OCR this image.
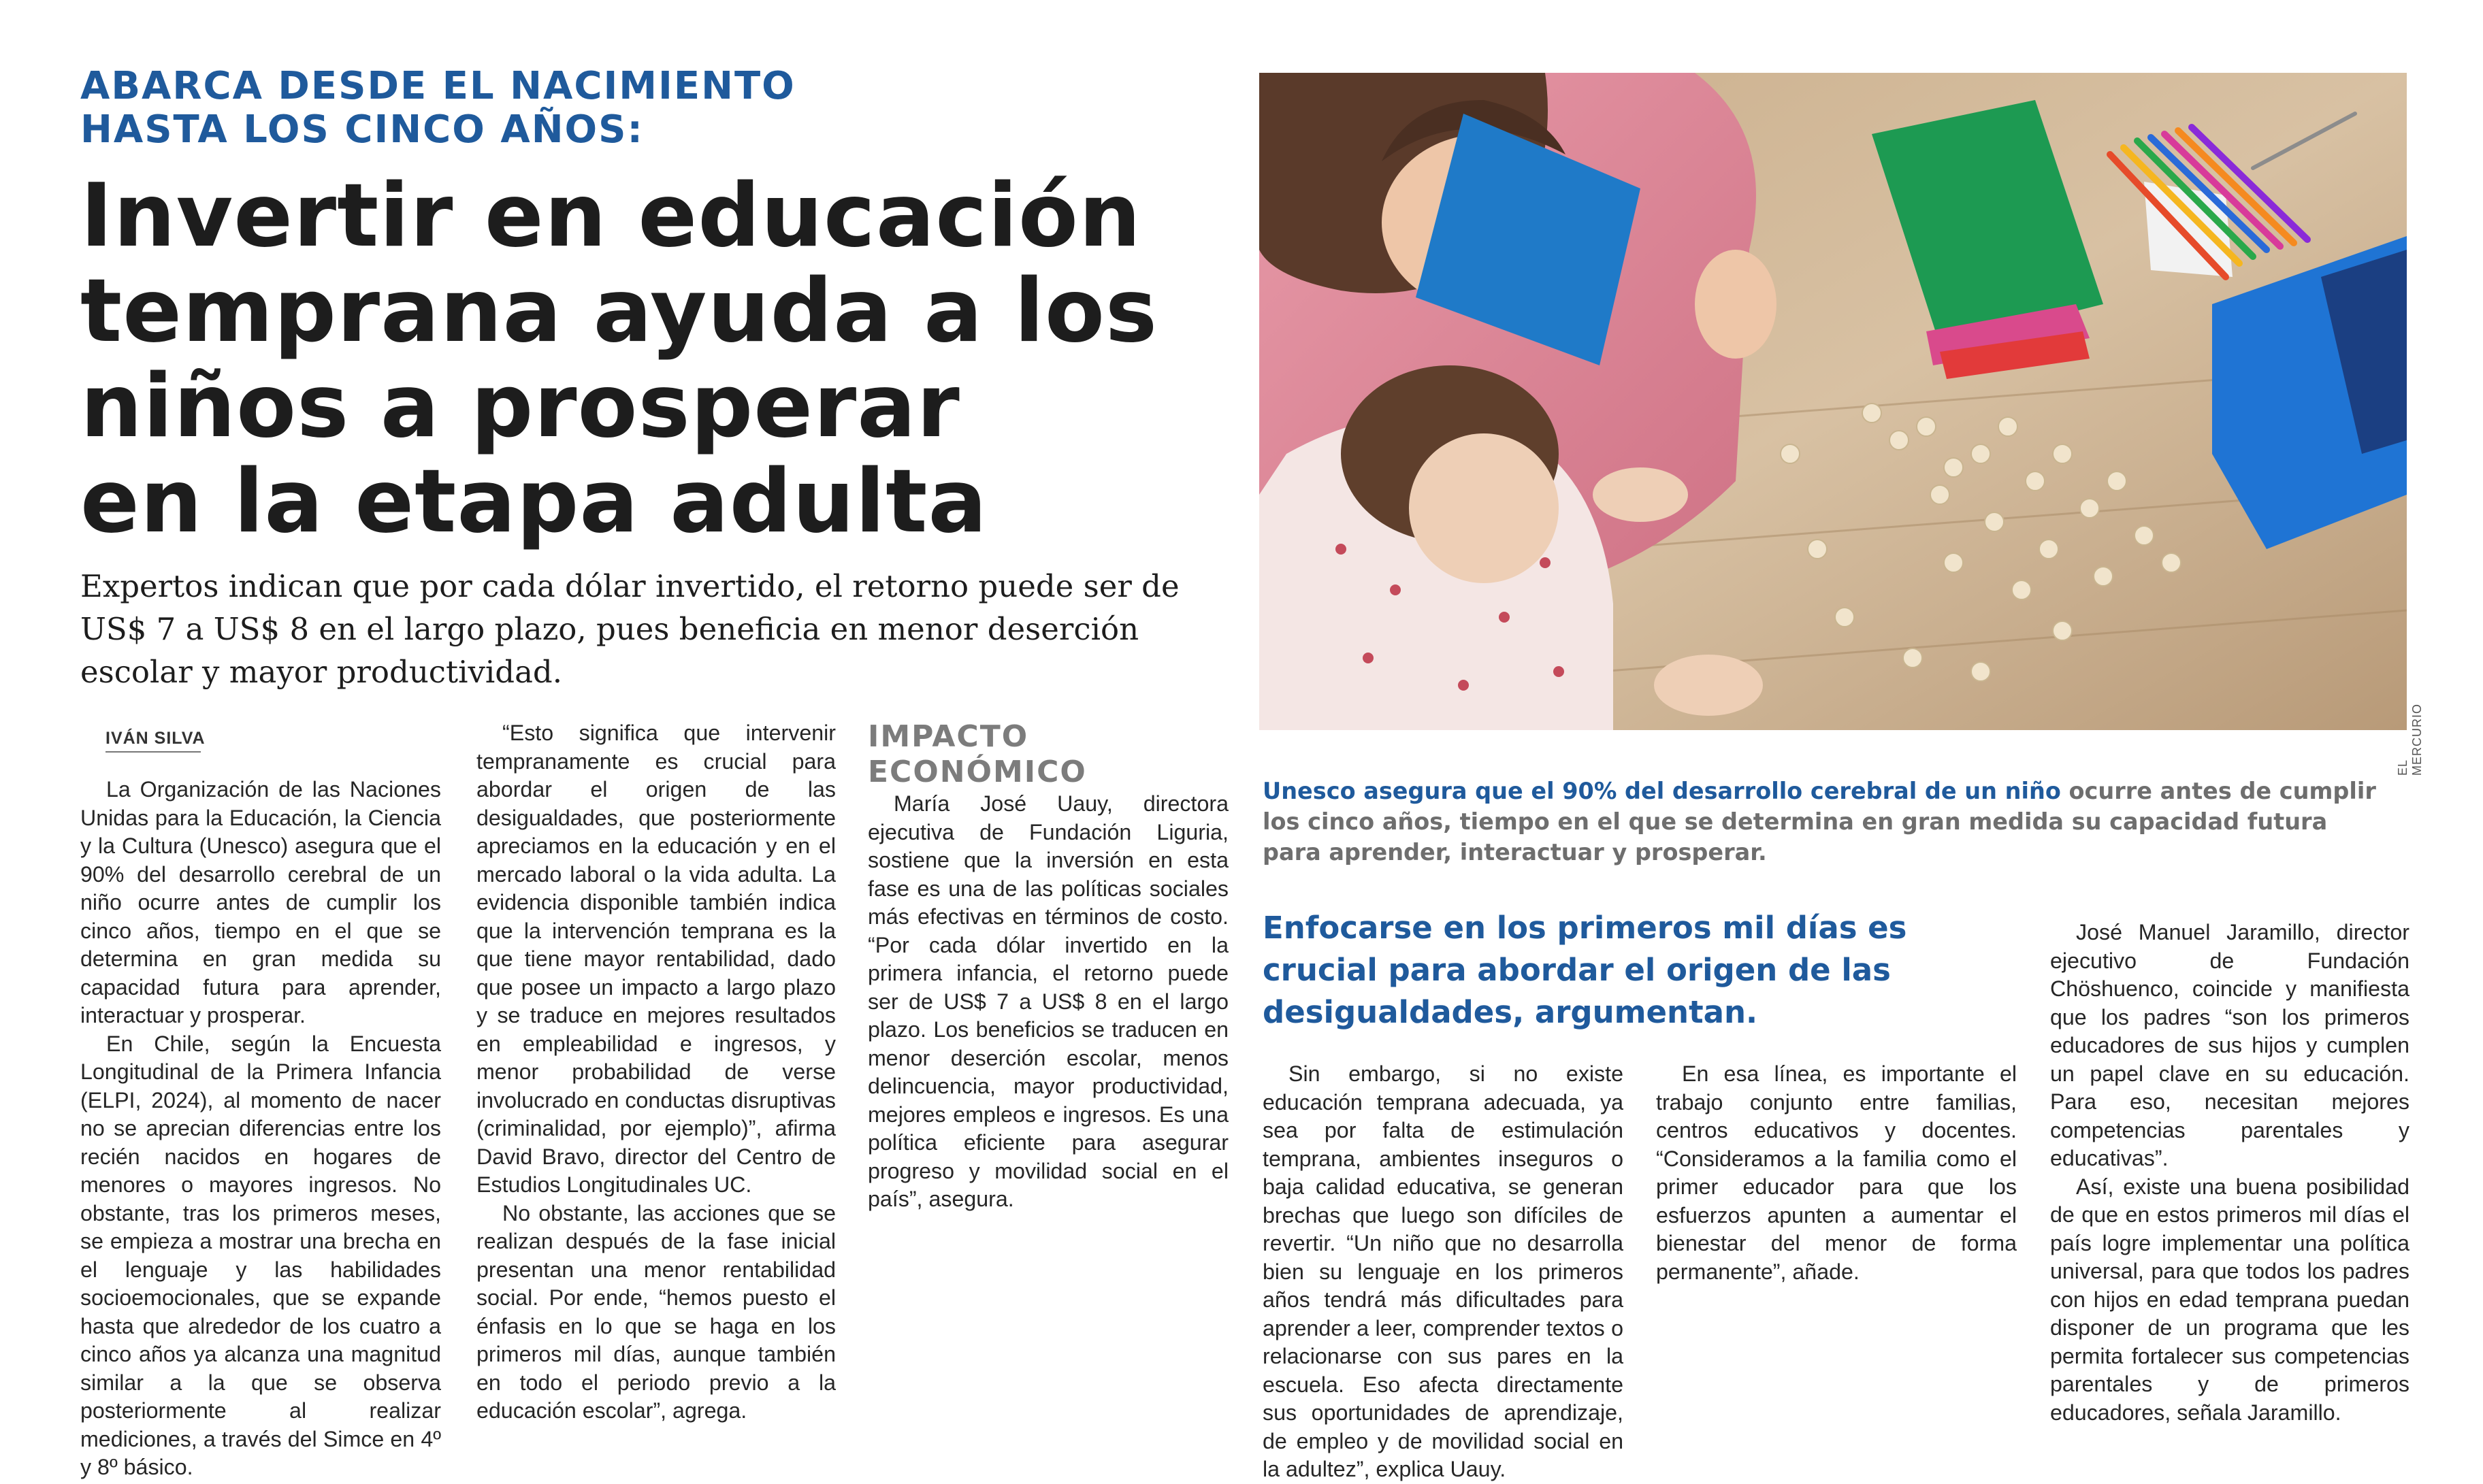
ABARCA DESDE EL NACIMIENTO HASTA LOS CINCO AÑOS:
Invertir en educación
temprana ayuda a los
niños a prosperar
en la etapa adulta
Expertos indican que por cada dólar invertido, el retorno puede ser de US$ 7 a US$ 8 en el largo plazo, pues beneficia en menor deserción escolar y mayor productividad.
IVÁN SILVA

La Organización de las Naciones Unidas para la Educación, la Ciencia y la Cultura (Unesco) asegura que el 90% del desarrollo cerebral de un niño ocurre antes de cumplir los cinco años, tiempo en el que se determina en gran medida su capacidad futura para aprender, interactuar y prosperar.

En Chile, según la Encuesta Longitudinal de la Primera Infancia (ELPI, 2024), al momento de nacer no se aprecian diferencias entre los recién nacidos en hogares de menores o mayores ingresos. No obstante, tras los primeros meses, se empieza a mostrar una brecha en el lenguaje y las habilidades socioemocionales, que se expande hasta que alrededor de los cuatro a cinco años ya alcanza una magnitud similar a la que se observa posteriormente al realizar mediciones, a través del Simce en 4º y 8º básico.

“Esto significa que intervenir tempranamente es crucial para abordar el origen de las desigualdades, que posteriormente apreciamos en la educación y en el mercado laboral o la vida adulta. La evidencia disponible también indica que la intervención temprana es la que tiene mayor rentabilidad, dado que posee un impacto a largo plazo y se traduce en mejores resultados en empleabilidad e ingresos, y menor probabilidad de verse involucrado en conductas disruptivas (criminalidad, por ejemplo)”, afirma David Bravo, director del Centro de Estudios Longitudinales UC.

No obstante, las acciones que se realizan después de la fase inicial presentan una menor rentabilidad social. Por ende, “hemos puesto el énfasis en lo que se haga en los primeros mil días, aunque también en todo el periodo previo a la educación escolar”, agrega.

IMPACTO ECONÓMICO

María José Uauy, directora ejecutiva de Fundación Liguria, sostiene que la inversión en esta fase es una de las políticas sociales más efectivas en términos de costo. “Por cada dólar invertido en la primera infancia, el retorno puede ser de US$ 7 a US$ 8 en el largo plazo. Los beneficios se traducen en menor deserción escolar, menos delincuencia, mayor productividad, mejores empleos e ingresos. Es una política eficiente para asegurar progreso y movilidad social en el país”, asegura.

EL MERCURIO
Unesco asegura que el 90% del desarrollo cerebral de un niño ocurre antes de cumplir los cinco años, tiempo en el que se determina en gran medida su capacidad futura para aprender, interactuar y prosperar.
Enfocarse en los primeros mil días es crucial para abordar el origen de las desigualdades, argumentan.

Sin embargo, si no existe educación temprana adecuada, ya sea por falta de estimulación temprana, ambientes inseguros o baja calidad educativa, se generan brechas que luego son difíciles de revertir. “Un niño que no desarrolla bien su lenguaje en los primeros años tendrá más dificultades para aprender a leer, comprender textos o relacionarse con sus pares en la escuela. Eso afecta directamente sus oportunidades de aprendizaje, de empleo y de movilidad social en la adultez”, explica Uauy.

En esa línea, es importante el trabajo conjunto entre familias, centros educativos y docentes. “Consideramos a la familia como el primer educador para que los esfuerzos apunten a aumentar el bienestar del menor de forma permanente”, añade.

José Manuel Jaramillo, director ejecutivo de Fundación Chöshuenco, coincide y manifiesta que los padres “son los primeros educadores de sus hijos y cumplen un papel clave en su educación. Para eso, necesitan mejores competencias parentales y educativas”.

Así, existe una buena posibilidad de que en estos primeros mil días el país logre implementar una política universal, para que todos los padres con hijos en edad temprana puedan disponer de un programa que les permita fortalecer sus competencias parentales y de primeros educadores, señala Jaramillo.
